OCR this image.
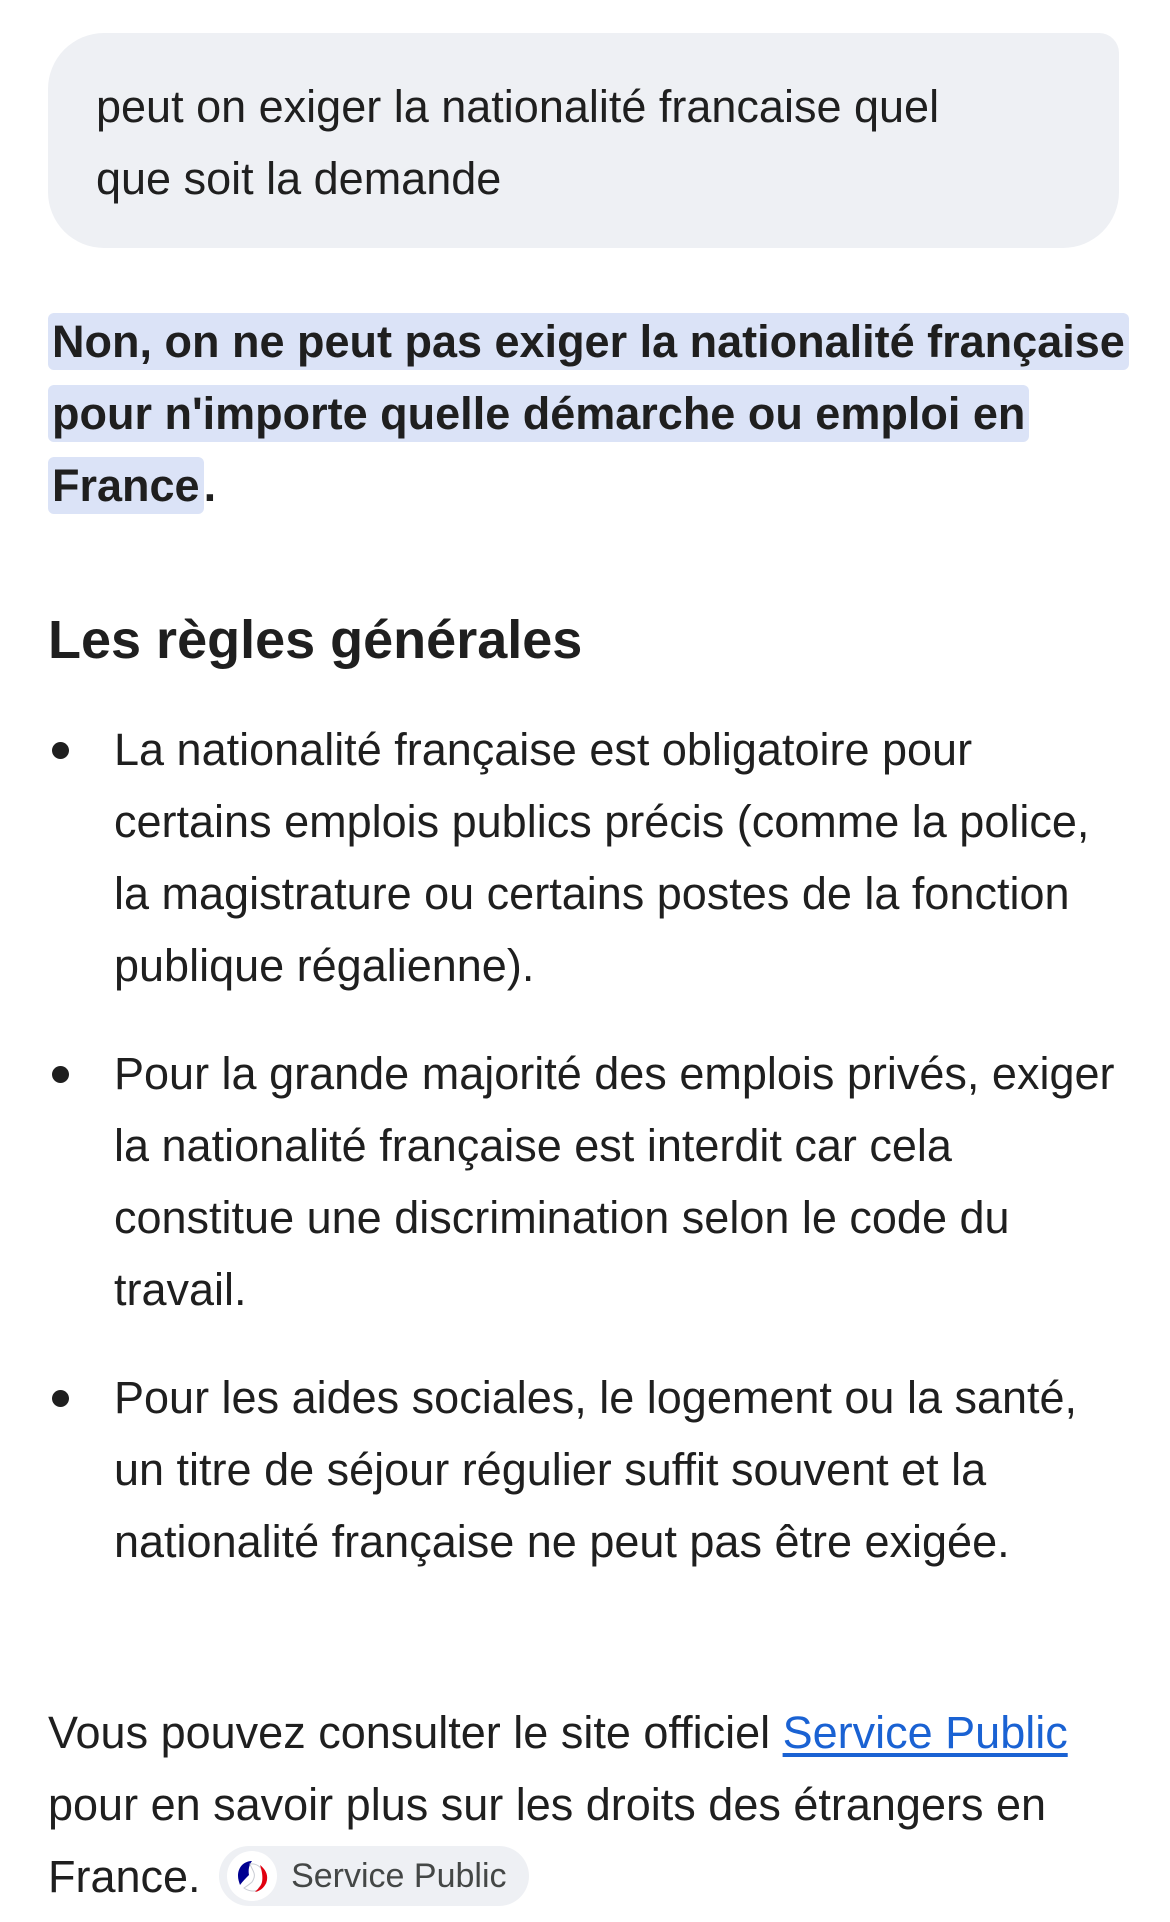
peut on exiger la nationalité francaise quel
que soit la demande
Non, on ne peut pas exiger la nationalité française pour n'importe quelle démarche ou emploi en France.
Les règles générales
La nationalité française est obligatoire pour certains emplois publics précis (comme la police, la magistrature ou certains postes de la fonction publique régalienne).
Pour la grande majorité des emplois privés, exiger la nationalité française est interdit car cela constitue une discrimination selon le code du travail.
Pour les aides sociales, le logement ou la santé, un titre de séjour régulier suffit souvent et la nationalité française ne peut pas être exigée.
Vous pouvez consulter le site officiel Service Public pour en savoir plus sur les droits des étrangers en France.	Service Public
